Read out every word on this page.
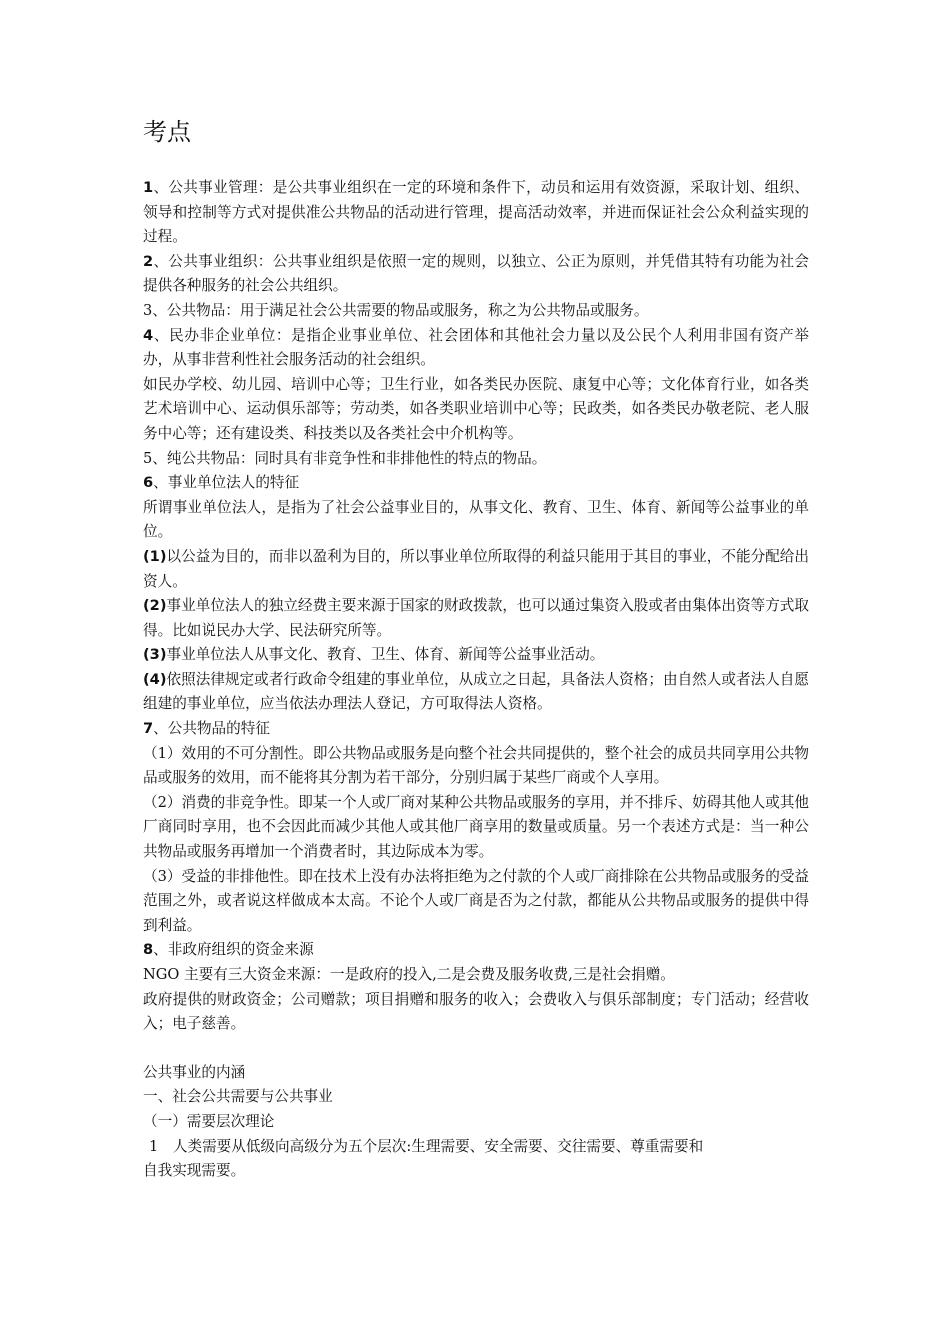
考点

1、公共事业管理：是公共事业组织在一定的环境和条件下，动员和运用有效资源，采取计划、组织、领导和控制等方式对提供准公共物品的活动进行管理，提高活动效率，并进而保证社会公众利益实现的过程。

2、公共事业组织：公共事业组织是依照一定的规则，以独立、公正为原则，并凭借其特有功能为社会提供各种服务的社会公共组织。

3、公共物品：用于满足社会公共需要的物品或服务，称之为公共物品或服务。

4、民办非企业单位：是指企业事业单位、社会团体和其他社会力量以及公民个人利用非国有资产举办，从事非营利性社会服务活动的社会组织。

如民办学校、幼儿园、培训中心等；卫生行业，如各类民办医院、康复中心等；文化体育行业，如各类艺术培训中心、运动俱乐部等；劳动类，如各类职业培训中心等；民政类，如各类民办敬老院、老人服务中心等；还有建设类、科技类以及各类社会中介机构等。

5、纯公共物品：同时具有非竞争性和非排他性的特点的物品。

6、事业单位法人的特征

所谓事业单位法人，是指为了社会公益事业目的，从事文化、教育、卫生、体育、新闻等公益事业的单位。

(1)以公益为目的，而非以盈利为目的，所以事业单位所取得的利益只能用于其目的事业，不能分配给出资人。

(2)事业单位法人的独立经费主要来源于国家的财政拨款，也可以通过集资入股或者由集体出资等方式取得。比如说民办大学、民法研究所等。

(3)事业单位法人从事文化、教育、卫生、体育、新闻等公益事业活动。

(4)依照法律规定或者行政命令组建的事业单位，从成立之日起，具备法人资格；由自然人或者法人自愿组建的事业单位，应当依法办理法人登记，方可取得法人资格。

7、公共物品的特征

（1）效用的不可分割性。即公共物品或服务是向整个社会共同提供的，整个社会的成员共同享用公共物品或服务的效用，而不能将其分割为若干部分，分别归属于某些厂商或个人享用。

（2）消费的非竞争性。即某一个人或厂商对某种公共物品或服务的享用，并不排斥、妨碍其他人或其他厂商同时享用，也不会因此而减少其他人或其他厂商享用的数量或质量。另一个表述方式是：当一种公共物品或服务再增加一个消费者时，其边际成本为零。

（3）受益的非排他性。即在技术上没有办法将拒绝为之付款的个人或厂商排除在公共物品或服务的受益范围之外，或者说这样做成本太高。不论个人或厂商是否为之付款，都能从公共物品或服务的提供中得到利益。

8、非政府组织的资金来源

NGO 主要有三大资金来源：一是政府的投入,二是会费及服务收费,三是社会捐赠。

政府提供的财政资金；公司赠款；项目捐赠和服务的收入；会费收入与俱乐部制度；专门活动；经营收入；电子慈善。

公共事业的内涵

一、社会公共需要与公共事业

（一）需要层次理论

1　人类需要从低级向高级分为五个层次:生理需要、安全需要、交往需要、尊重需要和
自我实现需要。
